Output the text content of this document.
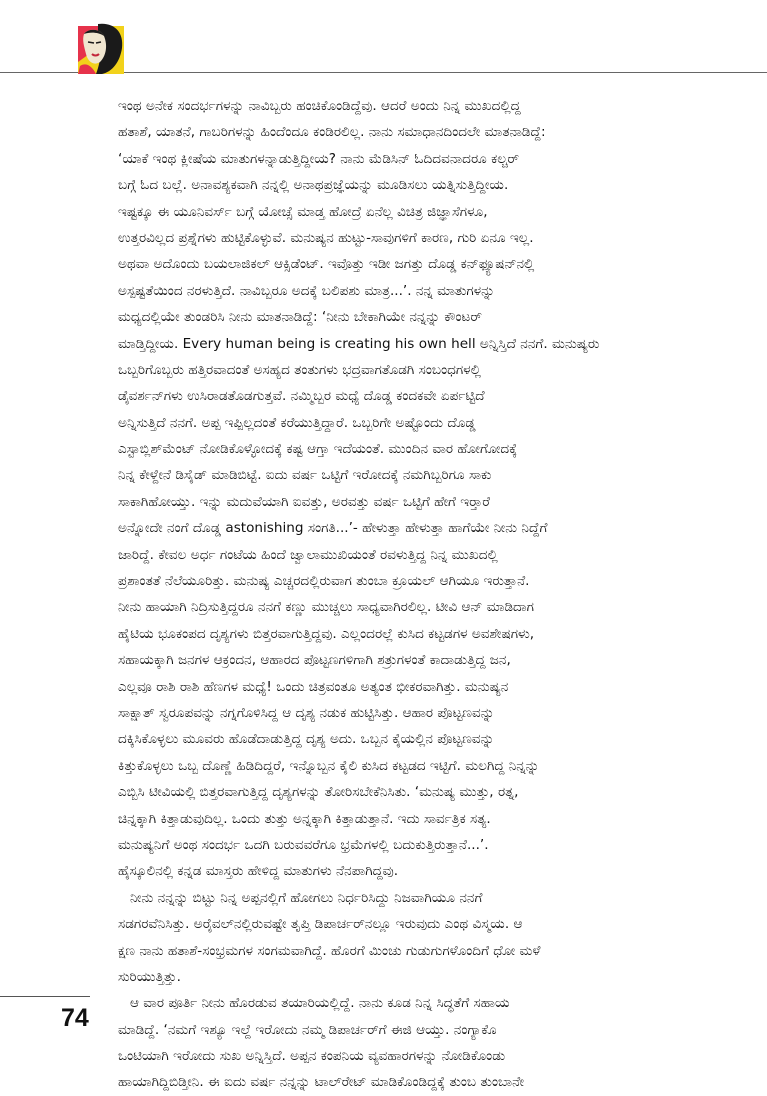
ಇಂಥ ಅನೇಕ ಸಂದರ್ಭಗಳನ್ನು ನಾವಿಬ್ಬರು ಹಂಚಿಕೊಂಡಿದ್ದೆವು. ಆದರೆ ಅಂದು ನಿನ್ನ ಮುಖದಲ್ಲಿದ್ದ
ಹತಾಶೆ, ಯಾತನೆ, ಗಾಬರಿಗಳನ್ನು ಹಿಂದೆಂದೂ ಕಂಡಿರಲಿಲ್ಲ. ನಾನು ಸಮಾಧಾನದಿಂದಲೇ ಮಾತನಾಡಿದ್ದೆ:
‘ಯಾಕೆ ಇಂಥ ಕ್ಲೀಷೆಯ ಮಾತುಗಳನ್ನಾಡುತ್ತಿದ್ದೀಯ? ನಾನು ಮೆಡಿಸಿನ್ ಓದಿದವನಾದರೂ ಕಲ್ಚರ್
ಬಗ್ಗೆ ಓದ ಬಲ್ಲೆ. ಅನಾವಶ್ಯಕವಾಗಿ ನನ್ನಲ್ಲಿ ಅನಾಥಪ್ರಜ್ಞೆಯನ್ನು ಮೂಡಿಸಲು ಯತ್ನಿಸುತ್ತಿದ್ದೀಯ.
ಇಷ್ಟಕ್ಕೂ ಈ ಯೂನಿವರ್ಸ್ ಬಗ್ಗೆ ಯೋಚ್ಸೆ ಮಾಡ್ತ ಹೋದ್ರೆ ಏನೆಲ್ಲ ವಿಚಿತ್ರ ಜಿಜ್ಞಾಸೆಗಳೂ,
ಉತ್ತರವಿಲ್ಲದ ಪ್ರಶ್ನೆಗಳು ಹುಟ್ಟಿಕೊಳ್ಳುವೆ. ಮನುಷ್ಯನ ಹುಟ್ಟು-ಸಾವುಗಳಿಗೆ ಕಾರಣ, ಗುರಿ ಏನೂ ಇಲ್ಲ.
ಅಥವಾ ಅದೊಂದು ಬಯಲಾಜಿಕಲ್ ಆಕ್ಸಿಡೆಂಟ್. ಇವೊತ್ತು ಇಡೀ ಜಗತ್ತು ದೊಡ್ಡ ಕನ್‌ಫ್ಯೂಷನ್‌ನಲ್ಲಿ
ಅಸ್ಪಷ್ಟತೆಯಿಂದ ನರಳುತ್ತಿದೆ. ನಾವಿಬ್ಬರೂ ಅದಕ್ಕೆ ಬಲಿಪಶು ಮಾತ್ರ...’. ನನ್ನ ಮಾತುಗಳನ್ನು
ಮಧ್ಯದಲ್ಲಿಯೇ ತುಂಡರಿಸಿ ನೀನು ಮಾತನಾಡಿದ್ದೆ: ‘ನೀನು ಬೇಕಾಗಿಯೇ ನನ್ನನ್ನು ಕೌಂಟರ್
ಮಾಡ್ತಿದ್ದೀಯ. Every human being is creating his own hell ಅನ್ನಿಸ್ತಿದೆ ನನಗೆ. ಮನುಷ್ಯರು
ಒಬ್ಬರಿಗೊಬ್ಬರು ಹತ್ತಿರವಾದಂತೆ ಅಸಹ್ಯದ ತಂತುಗಳು ಭದ್ರವಾಗತೊಡಗಿ ಸಂಬಂಧಗಳಲ್ಲಿ
ಡೈವರ್ಶನ್‌ಗಳು ಉಸಿರಾಡತೊಡಗುತ್ತವೆ. ನಮ್ಮಿಬ್ಬರ ಮಧ್ಯೆ ದೊಡ್ಡ ಕಂದಕವೇ ಏರ್ಪಟ್ಟಿದೆ
ಅನ್ನಿಸುತ್ತಿದೆ ನನಗೆ. ಅಪ್ಪ ಇಪ್ಪಿಲ್ಲದಂತೆ ಕರೆಯುತ್ತಿದ್ದಾರೆ. ಒಬ್ಬರಿಗೇ ಅಷ್ಟೊಂದು ದೊಡ್ಡ
ಎಸ್ಟಾಬ್ಲಿಶ್‌ಮೆಂಟ್ ನೋಡಿಕೊಳ್ಳೋದಕ್ಕೆ ಕಷ್ಟ ಆಗ್ತಾ ಇದೆಯಂತೆ. ಮುಂದಿನ ವಾರ ಹೋಗೋದಕ್ಕೆ
ನಿನ್ನ ಕೇಳ್ದೇನೆ ಡಿಸೈಡ್ ಮಾಡಿಬಿಟ್ಟೆ. ಐದು ವರ್ಷ ಒಟ್ಟಿಗೆ ಇರೋದಕ್ಕೆ ನಮಗಿಬ್ಬರಿಗೂ ಸಾಕು
ಸಾಕಾಗಿಹೋಯ್ತು. ಇನ್ನು ಮದುವೆಯಾಗಿ ಐವತ್ತು, ಅರವತ್ತು ವರ್ಷ ಒಟ್ಟಿಗೆ ಹೇಗೆ ಇರ್‍ತಾರೆ
ಅನ್ನೋದೇ ನಂಗೆ ದೊಡ್ಡ astonishing ಸಂಗತಿ...’- ಹೇಳುತ್ತಾ ಹೇಳುತ್ತಾ ಹಾಗೆಯೇ ನೀನು ನಿದ್ದೆಗೆ
ಜಾರಿದ್ದೆ. ಕೇವಲ ಅರ್ಧ ಗಂಟೆಯ ಹಿಂದೆ ಜ್ವಾಲಾಮುಖಿಯಂತೆ ರವಳುತ್ತಿದ್ದ ನಿನ್ನ ಮುಖದಲ್ಲಿ
ಪ್ರಶಾಂತತೆ ನೆಲೆಯೂರಿತ್ತು. ಮನುಷ್ಯ ಎಚ್ಚರದಲ್ಲಿರುವಾಗ ತುಂಬಾ ಕ್ರೂಯಲ್ ಆಗಿಯೂ ಇರುತ್ತಾನೆ.
ನೀನು ಹಾಯಾಗಿ ನಿದ್ರಿಸುತ್ತಿದ್ದರೂ ನನಗೆ ಕಣ್ಣು ಮುಚ್ಚಲು ಸಾಧ್ಯವಾಗಿರಲಿಲ್ಲ. ಟೀವಿ ಆನ್ ಮಾಡಿದಾಗ
ಹೈಟಿಯ ಭೂಕಂಪದ ದೃಶ್ಯಗಳು ಬಿತ್ತರವಾಗುತ್ತಿದ್ದವು. ಎಲ್ಲಂದರಲ್ಲೆ ಕುಸಿದ ಕಟ್ಟಡಗಳ ಅವಶೇಷಗಳು,
ಸಹಾಯಕ್ಕಾಗಿ ಜನಗಳ ಆಕ್ರಂದನ, ಆಹಾರದ ಪೊಟ್ಟಣಗಳಿಗಾಗಿ ಶತ್ರುಗಳಂತೆ ಕಾದಾಡುತ್ತಿದ್ದ ಜನ,
ಎಲ್ಲವೂ ರಾಶಿ ರಾಶಿ ಹೆಣಗಳ ಮಧ್ಯೆ! ಒಂದು ಚಿತ್ರವಂತೂ ಅತ್ಯಂತ ಭೀಕರವಾಗಿತ್ತು. ಮನುಷ್ಯನ
ಸಾಕ್ಷಾತ್ ಸ್ವರೂಪವನ್ನು ನಗ್ನಗೊಳಿಸಿದ್ದ ಆ ದೃಶ್ಯ ನಡುಕ ಹುಟ್ಟಿಸಿತ್ತು. ಆಹಾರ ಪೊಟ್ಟಣವನ್ನು
ದಕ್ಕಿಸಿಕೊಳ್ಳಲು ಮೂವರು ಹೊಡೆದಾಡುತ್ತಿದ್ದ ದೃಶ್ಯ ಅದು. ಒಬ್ಬನ ಕೈಯಲ್ಲಿನ ಪೊಟ್ಟಣವನ್ನು
ಕಿತ್ತುಕೊಳ್ಳಲು ಒಬ್ಬ ದೊಣ್ಣೆ ಹಿಡಿದಿದ್ದರೆ, ಇನ್ನೊಬ್ಬನ ಕೈಲಿ ಕುಸಿದ ಕಟ್ಟಡದ ಇಟ್ಟಿಗೆ. ಮಲಗಿದ್ದ ನಿನ್ನನ್ನು
ಎಬ್ಬಿಸಿ ಟೀವಿಯಲ್ಲಿ ಬಿತ್ತರವಾಗುತ್ತಿದ್ದ ದೃಶ್ಯಗಳನ್ನು ತೋರಿಸಬೇಕೆನಿಸಿತು. ‘ಮನುಷ್ಯ ಮುತ್ತು, ರತ್ನ,
ಚಿನ್ನಕ್ಕಾಗಿ ಕಿತ್ತಾಡುವುದಿಲ್ಲ. ಒಂದು ತುತ್ತು ಅನ್ನಕ್ಕಾಗಿ ಕಿತ್ತಾಡುತ್ತಾನೆ. ಇದು ಸಾರ್ವತ್ರಿಕ ಸತ್ಯ.
ಮನುಷ್ಯನಿಗೆ ಅಂಥ ಸಂದರ್ಭ ಒದಗಿ ಬರುವವರೆಗೂ ಭ್ರಮೆಗಳಲ್ಲಿ ಬದುಕುತ್ತಿರುತ್ತಾನೆ...’.
ಹೈಸ್ಕೂಲಿನಲ್ಲಿ ಕನ್ನಡ ಮಾಸ್ತರು ಹೇಳಿದ್ದ ಮಾತುಗಳು ನೆನಪಾಗಿದ್ದವು.
ನೀನು ನನ್ನನ್ನು ಬಿಟ್ಟು ನಿನ್ನ ಅಪ್ಪನಲ್ಲಿಗೆ ಹೋಗಲು ನಿರ್ಧರಿಸಿದ್ದು ನಿಜವಾಗಿಯೂ ನನಗೆ
ಸಡಗರವೆನಿಸಿತ್ತು. ಅರೈವಲ್‌ನಲ್ಲಿರುವಷ್ಟೇ ತೃಪ್ತಿ ಡಿಪಾರ್ಚರ್‌ನಲ್ಲೂ ಇರುವುದು ಎಂಥ ವಿಸ್ಮಯ. ಆ
ಕ್ಷಣ ನಾನು ಹತಾಶೆ-ಸಂಭ್ರಮಗಳ ಸಂಗಮವಾಗಿದ್ದೆ. ಹೊರಗೆ ಮಿಂಚು ಗುಡುಗುಗಳೊಂದಿಗೆ ಧೋ ಮಳೆ
ಸುರಿಯುತ್ತಿತ್ತು.
ಆ ವಾರ ಪೂರ್ತಿ ನೀನು ಹೊರಡುವ ತಯಾರಿಯಲ್ಲಿದ್ದೆ. ನಾನು ಕೂಡ ನಿನ್ನ ಸಿದ್ಧತೆಗೆ ಸಹಾಯ
ಮಾಡಿದ್ದೆ. ‘ನಮಗೆ ಇಶ್ಯೂ ಇಲ್ದೆ ಇರೋದು ನಮ್ಮ ಡಿಪಾರ್ಚರ್‌ಗೆ ಈಜಿ ಆಯ್ತು. ನಂಗ್ಯಾಕೊ
ಒಂಟಿಯಾಗಿ ಇರೋದು ಸುಖ ಅನ್ನಿಸ್ತಿದೆ. ಅಪ್ಪನ ಕಂಪನಿಯ ವ್ಯವಹಾರಗಳನ್ನು ನೋಡಿಕೊಂಡು
ಹಾಯಾಗಿದ್ದಿಬಿಡ್ತೀನಿ. ಈ ಐದು ವರ್ಷ ನನ್ನನ್ನು ಟಾಲ್‌ರೇಟ್ ಮಾಡಿಕೊಂಡಿದ್ದಕ್ಕೆ ತುಂಬ ತುಂಬಾನೇ
74
